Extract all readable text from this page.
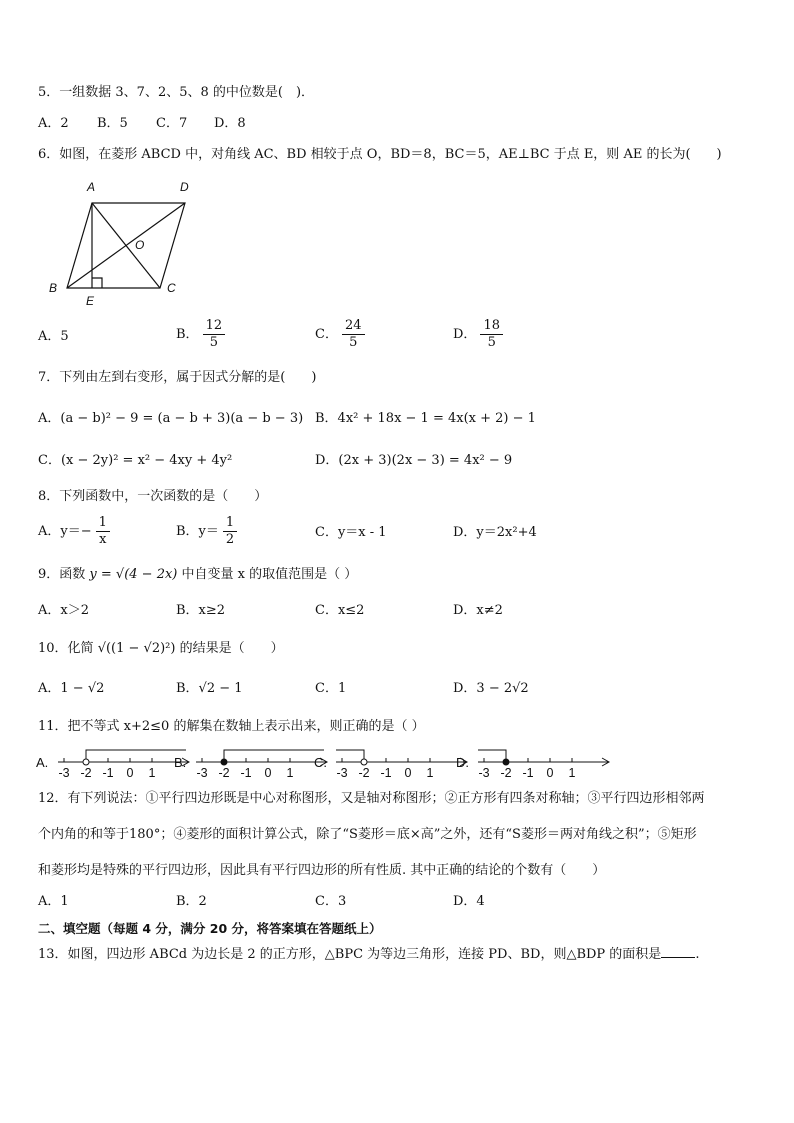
5．一组数据 3、7、2、5、8 的中位数是(　)．
A．2 B．5 C．7 D．8
6．如图，在菱形 ABCD 中，对角线 AC、BD 相较于点 O，BD＝8，BC＝5，AE⊥BC 于点 E，则 AE 的长为(　　)
A	D
O
B	C
E
A．5	B． $\frac{12}{5}$	C． $\frac{24}{5}$	D． $\frac{18}{5}$
7．下列由左到右变形，属于因式分解的是(　　)
A．(a − b)² − 9 = (a − b + 3)(a − b − 3) B．4x² + 18x − 1 = 4x(x + 2) − 1
C．(x − 2y)² = x² − 4xy + 4y²	D．(2x + 3)(2x − 3) = 4x² − 9
8．下列函数中，一次函数的是（　　）
A．$y=- \frac{1}{x}$	B．$y= \frac{1}{2}$	C．y＝x - 1	D．y＝2x²+4
9．函数 y = √(4 − 2x) 中自变量 x 的取值范围是（ ）
A．x＞2	B．x≥2	C．x≤2	D．x≠2
10．化简 √((1 − √2)²) 的结果是（　　）
A．1 − √2	B．√2 − 1	C．1	D．3 − 2√2
11．把不等式 x+2≤0 的解集在数轴上表示出来，则正确的是（ ）
A.
-3 -2 -1 0 1
B.
-3 -2 -1 0 1
C.
-3 -2 -1 0 1
D.
-3 -2 -1 0 1
12．有下列说法：①平行四边形既是中心对称图形，又是轴对称图形；②正方形有四条对称轴；③平行四边形相邻两
个内角的和等于180°；④菱形的面积计算公式，除了“S菱形＝底×高”之外，还有“S菱形＝两对角线之积”；⑤矩形
和菱形均是特殊的平行四边形，因此具有平行四边形的所有性质. 其中正确的结论的个数有（　　）
A．1	B．2	C．3	D．4
二、填空题（每题 4 分，满分 20 分，将答案填在答题纸上）
13．如图，四边形 ABCd 为边长是 2 的正方形，△BPC 为等边三角形，连接 PD、BD，则△BDP 的面积是	.
